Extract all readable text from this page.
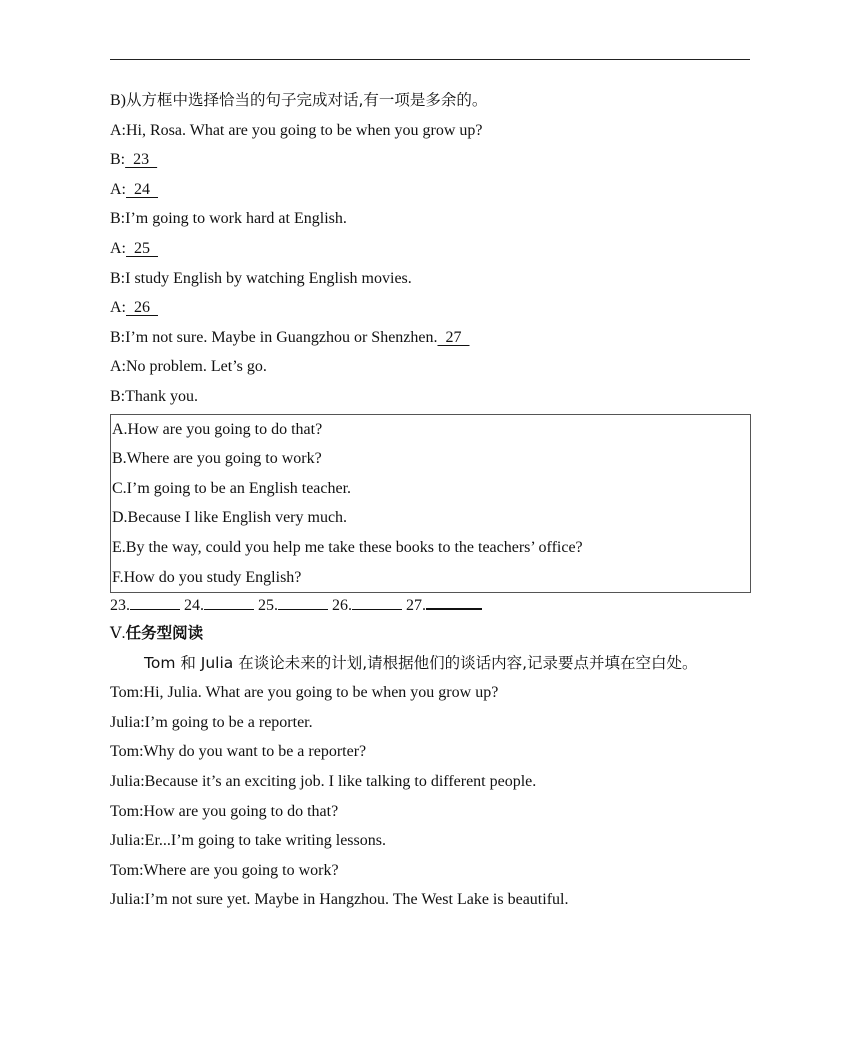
B)从方框中选择恰当的句子完成对话,有一项是多余的。
A:Hi, Rosa. What are you going to be when you grow up?
B:  23
A:  24
B:I’m going to work hard at English.
A:  25
B:I study English by watching English movies.
A:  26
B:I’m not sure. Maybe in Guangzhou or Shenzhen.  27
A:No problem. Let’s go.
B:Thank you.
A.How are you going to do that?
B.Where are you going to work?
C.I’m going to be an English teacher.
D.Because I like English very much.
E.By the way, could you help me take these books to the teachers’ office?
F.How do you study English?
23.	24.	25.	26.	27.
Ⅴ.任务型阅读
Tom 和 Julia 在谈论未来的计划,请根据他们的谈话内容,记录要点并填在空白处。
Tom:Hi, Julia. What are you going to be when you grow up?
Julia:I’m going to be a reporter.
Tom:Why do you want to be a reporter?
Julia:Because it’s an exciting job. I like talking to different people.
Tom:How are you going to do that?
Julia:Er...I’m going to take writing lessons.
Tom:Where are you going to work?
Julia:I’m not sure yet. Maybe in Hangzhou. The West Lake is beautiful.
